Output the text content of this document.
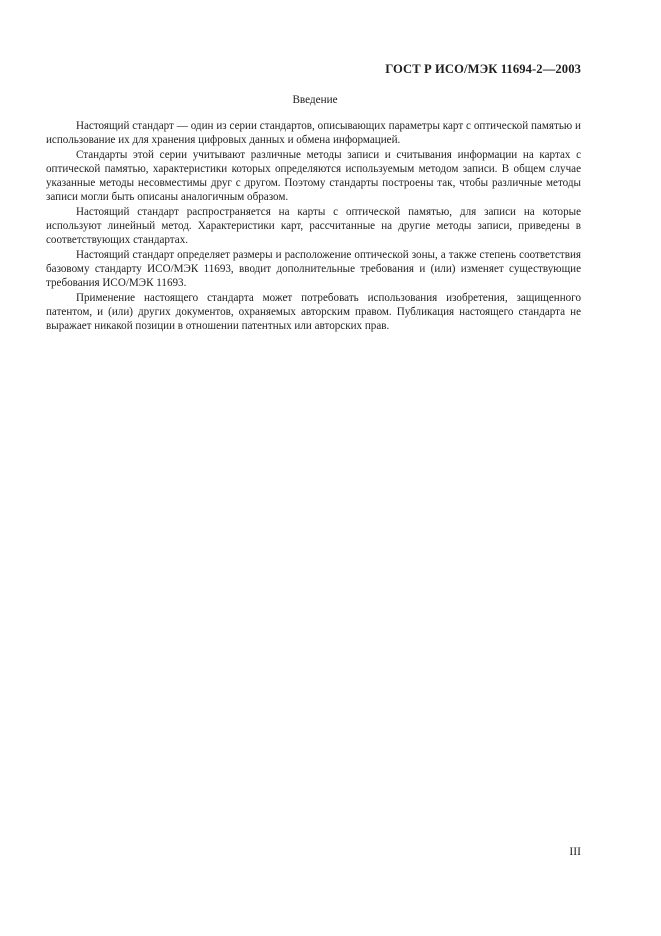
ГОСТ Р ИСО/МЭК 11694-2—2003
Введение

Настоящий стандарт — один из серии стандартов, описывающих параметры карт с оптической памятью и использование их для хранения цифровых данных и обмена информацией.

Стандарты этой серии учитывают различные методы записи и считывания информации на картах с оптической памятью, характеристики которых определяются используемым методом записи. В общем случае указанные методы несовместимы друг с другом. Поэтому стандарты построены так, чтобы различные методы записи могли быть описаны аналогичным образом.

Настоящий стандарт распространяется на карты с оптической памятью, для записи на которые используют линейный метод. Характеристики карт, рассчитанные на другие методы записи, приведены в соответствующих стандартах.

Настоящий стандарт определяет размеры и расположение оптической зоны, а также степень соответствия базовому стандарту ИСО/МЭК 11693, вводит дополнительные требования и (или) изменяет существующие требования ИСО/МЭК 11693.

Применение настоящего стандарта может потребовать использования изобретения, защищенного патентом, и (или) других документов, охраняемых авторским правом. Публикация настоящего стандарта не выражает никакой позиции в отношении патентных или авторских прав.

III
